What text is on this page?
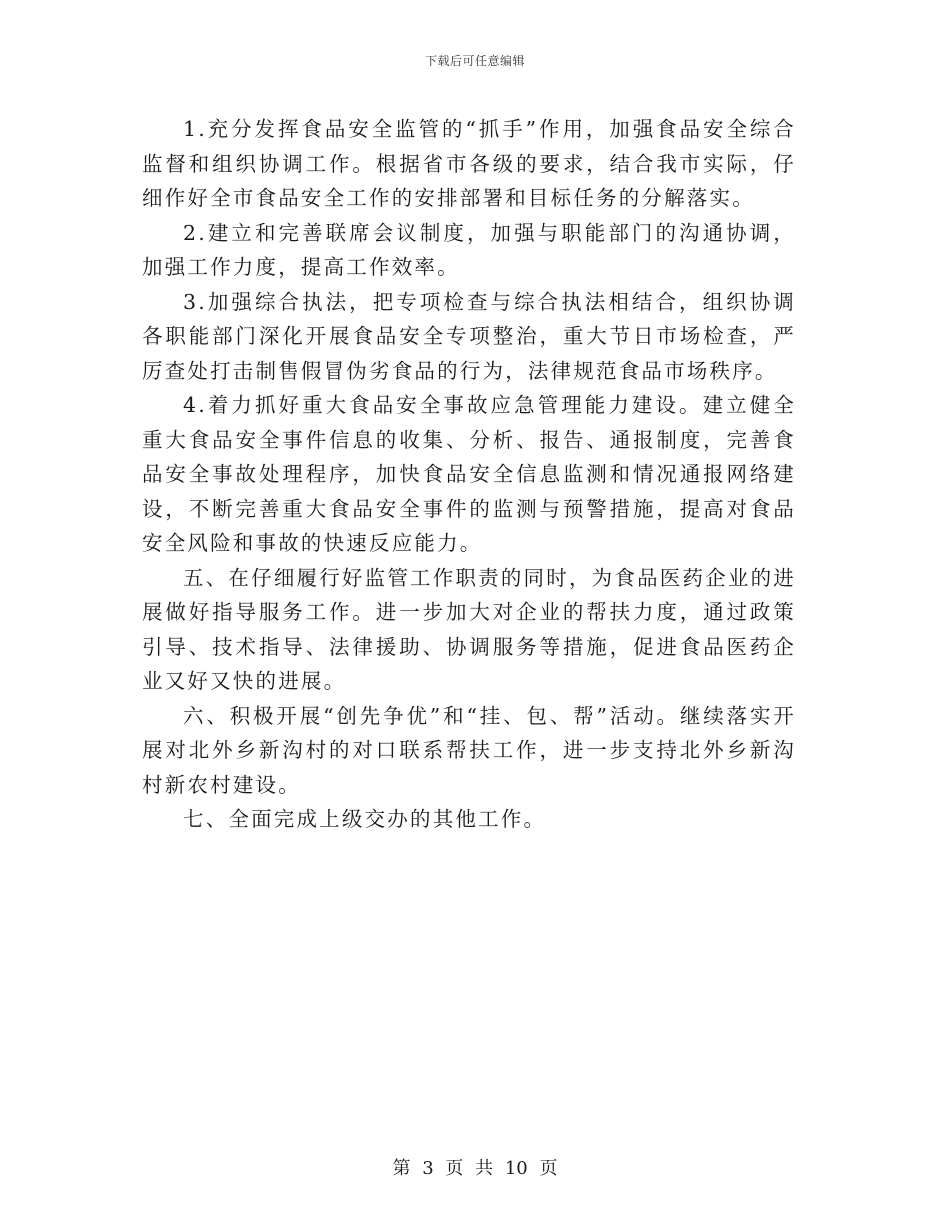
下载后可任意编辑

1.充分发挥食品安全监管的“抓手”作用，加强食品安全综合监督和组织协调工作。根据省市各级的要求，结合我市实际，仔细作好全市食品安全工作的安排部署和目标任务的分解落实。

2.建立和完善联席会议制度，加强与职能部门的沟通协调，加强工作力度，提高工作效率。

3.加强综合执法，把专项检查与综合执法相结合，组织协调各职能部门深化开展食品安全专项整治，重大节日市场检查，严厉查处打击制售假冒伪劣食品的行为，法律规范食品市场秩序。

4.着力抓好重大食品安全事故应急管理能力建设。建立健全重大食品安全事件信息的收集、分析、报告、通报制度，完善食品安全事故处理程序，加快食品安全信息监测和情况通报网络建设，不断完善重大食品安全事件的监测与预警措施，提高对食品安全风险和事故的快速反应能力。

五、在仔细履行好监管工作职责的同时，为食品医药企业的进展做好指导服务工作。进一步加大对企业的帮扶力度，通过政策引导、技术指导、法律援助、协调服务等措施，促进食品医药企业又好又快的进展。

六、积极开展“创先争优”和“挂、包、帮”活动。继续落实开展对北外乡新沟村的对口联系帮扶工作，进一步支持北外乡新沟村新农村建设。

七、全面完成上级交办的其他工作。

第 3 页 共 10 页
